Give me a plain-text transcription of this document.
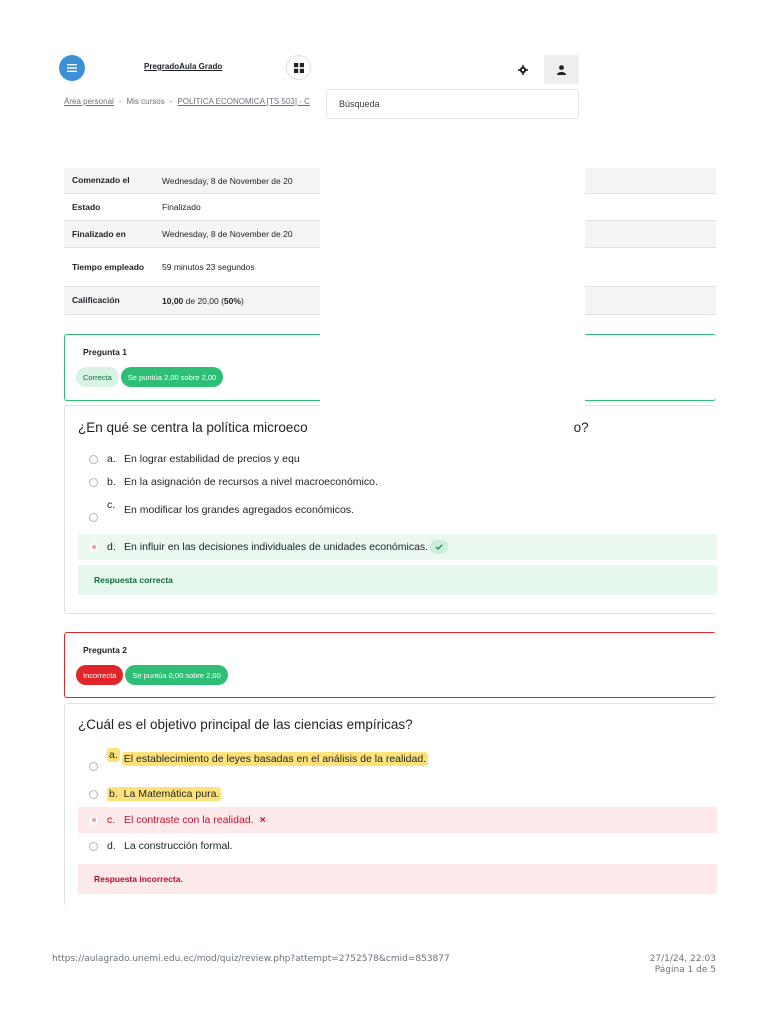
PregradoAula Grado
Área personal - Mis cursos - POLITICA ECONOMICA [TS 503] - C
Comenzado el	Wednesday, 8 de November de 20
Estado	Finalizado
Finalizado en	Wednesday, 8 de November de 20
Tiempo empleado	59 minutos 23 segundos
Calificación	10,00 de 20,00 (50%)
Pregunta 1
Correcta	Se puntúa 2,00 sobre 2,00
¿En qué se centra la política microeco	o?
a. En lograr estabilidad de precios y equ
b. En la asignación de recursos a nivel macroeconómico.
c. En modificar los grandes agregados económicos.
d. En influir en las decisiones individuales de unidades económicas.
Respuesta correcta
Pregunta 2
Incorrecta	Se puntúa 0,00 sobre 2,00
¿Cuál es el objetivo principal de las ciencias empíricas?
a. El establecimiento de leyes basadas en el análisis de la realidad.
b. La Matemática pura.
c. El contraste con la realidad. ×
d. La construcción formal.
Respuesta incorrecta.
Búsqueda
https://aulagrado.unemi.edu.ec/mod/quiz/review.php?attempt=2752578&cmid=853877	27/1/24, 22:03
Página 1 de 5
